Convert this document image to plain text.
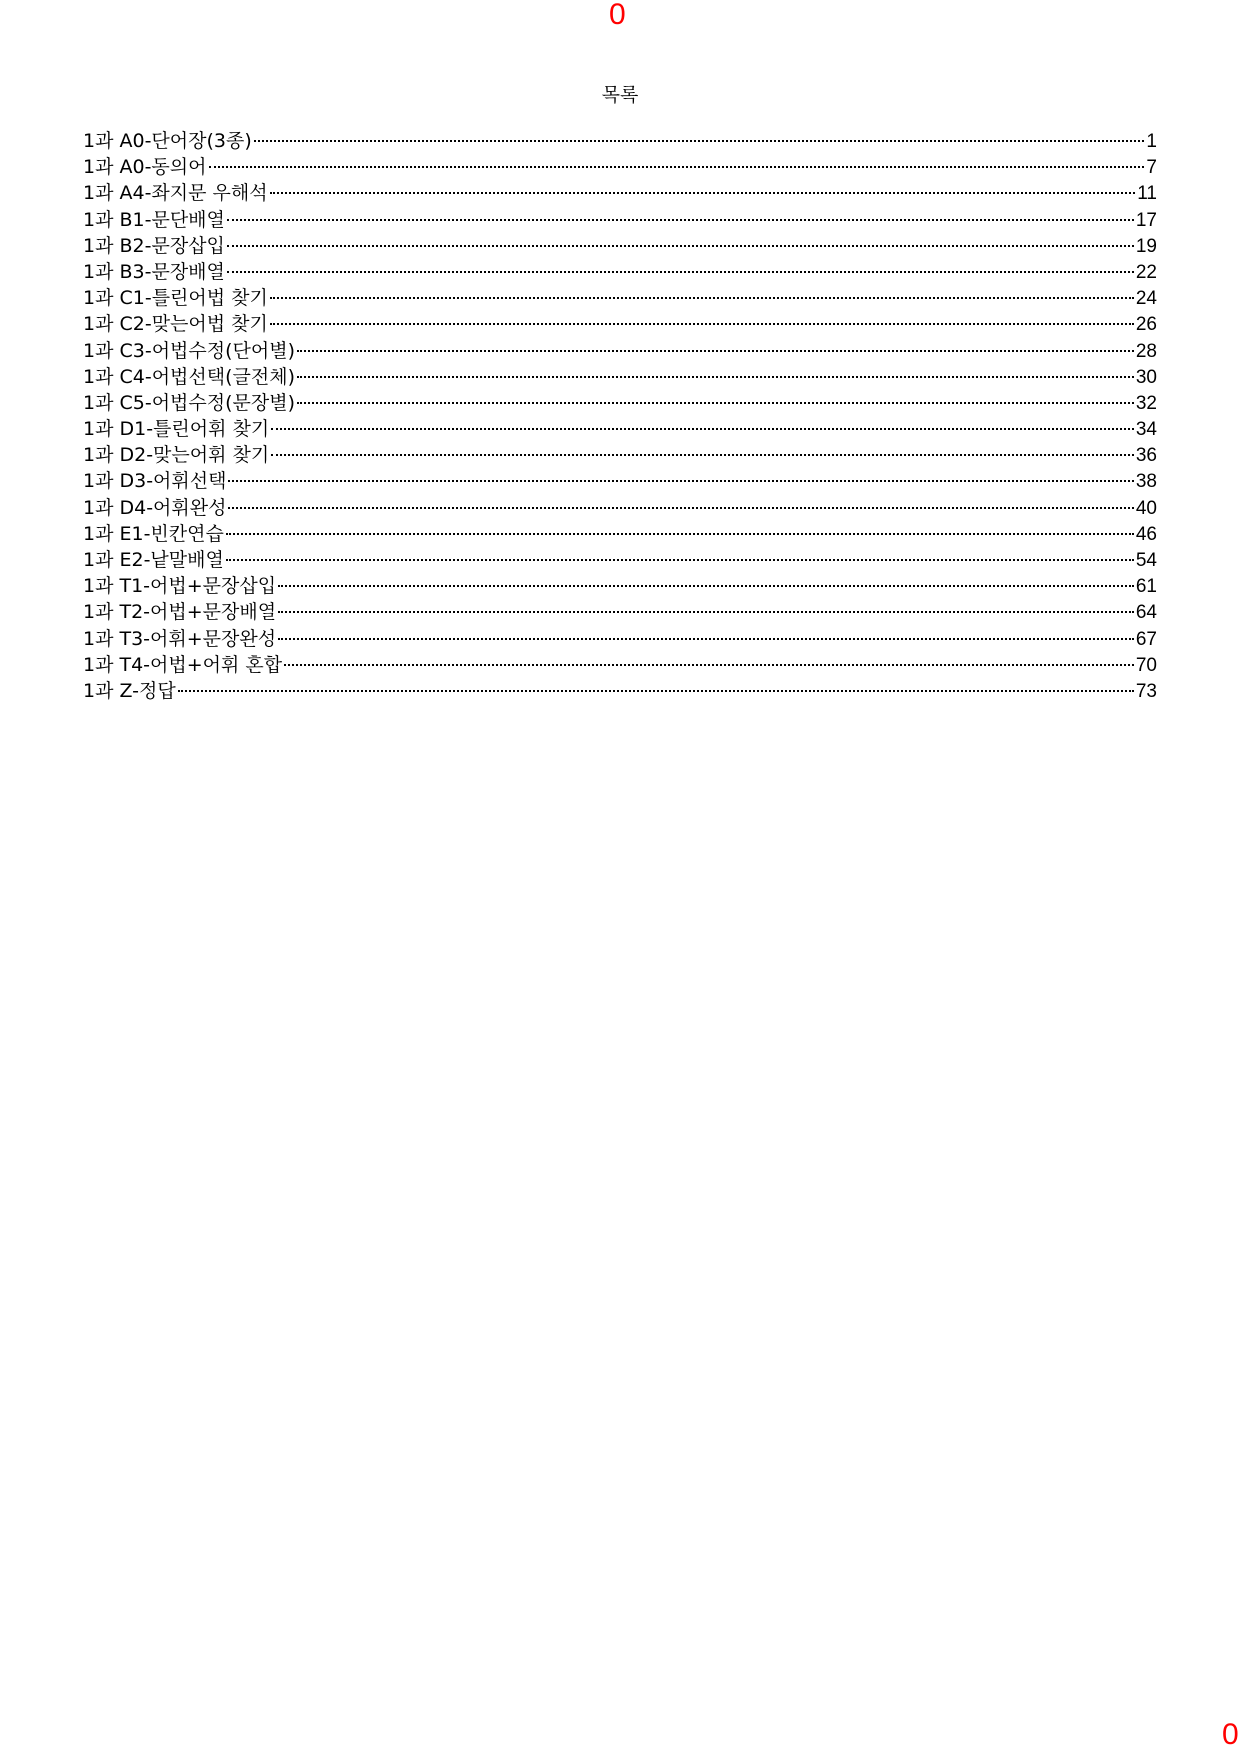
0
목록
1과 A0-단어장(3종)	1
1과 A0-동의어	7
1과 A4-좌지문 우해석	11
1과 B1-문단배열	17
1과 B2-문장삽입	19
1과 B3-문장배열	22
1과 C1-틀린어법 찾기	24
1과 C2-맞는어법 찾기	26
1과 C3-어법수정(단어별)	28
1과 C4-어법선택(글전체)	30
1과 C5-어법수정(문장별)	32
1과 D1-틀린어휘 찾기	34
1과 D2-맞는어휘 찾기	36
1과 D3-어휘선택	38
1과 D4-어휘완성	40
1과 E1-빈칸연습	46
1과 E2-낱말배열	54
1과 T1-어법+문장삽입	61
1과 T2-어법+문장배열	64
1과 T3-어휘+문장완성	67
1과 T4-어법+어휘 혼합	70
1과 Z-정답	73
0
